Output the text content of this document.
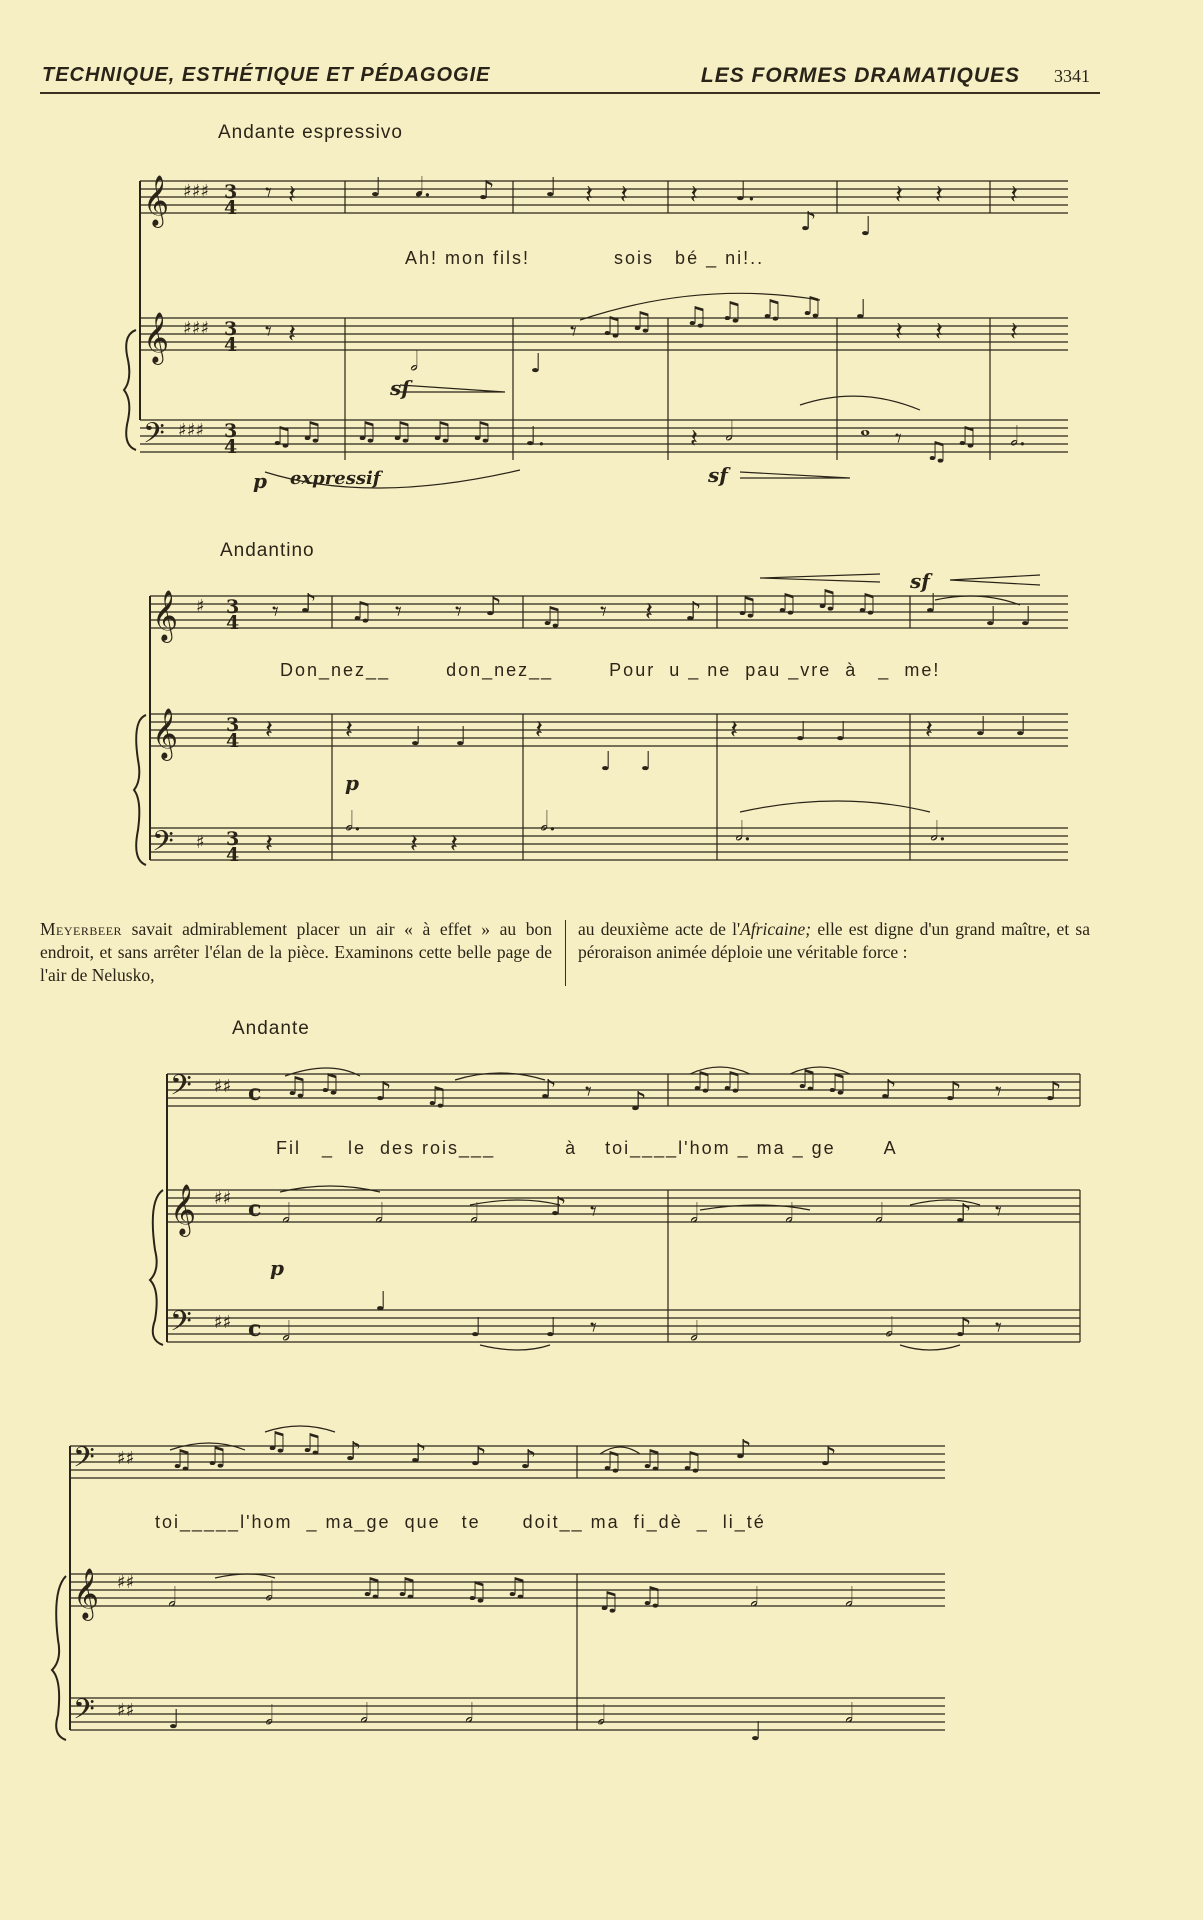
TECHNIQUE, ESTHÉTIQUE ET PÉDAGOGIE	LES FORMES DRAMATIQUES 3341
Andante espressivo
Ah! mon fils!            sois   bé _ ni!..
Andantino
Don_nez__        don_nez__        Pour  u _ ne  pau _vre  à   _  me!
Andante
Fil   _  le  des rois___          à    toi____l'hom _ ma _ ge       A
toi_____l'hom  _ ma_ge  que   te      doit__ ma  fi_dè  _  li_té
Meyerbeer savait admirablement placer un air « à effet » au bon endroit, et sans arrêter l'élan de la pièce. Examinons cette belle page de l'air de Nelusko,
au deuxième acte de l'Africaine; elle est digne d'un grand maître, et sa péroraison animée déploie une véritable force :
𝄞
𝄞
𝄢
♯♯♯
♯♯♯
♯♯♯
3
4
3
4
3
4
𝄾 𝄽	♩ 𝅘𝅥. ♪ ♩ 𝄽 𝄽 𝄽 ♩.
♪ ♩
𝄽 𝄽	𝄽
𝄾 𝄽
𝅗𝅥	♩
𝄾 ♫ ♫ ♫ ♫ ♫ ♫ ♩
𝄽 𝄽	𝄽
♫ ♫ ♫ ♫ ♫ ♫ ♩.	𝄽 𝅗𝅥	𝅝 𝄾 ♫ ♫ 𝅗𝅥.
sf
p expressif	sf
𝄞
𝄞
𝄢
♯
♯
3
4
3
4
3
4
𝄾 ♪ ♫ 𝄾 𝄾 ♪ ♫ 𝄾 𝄽 ♪ ♫ ♫ ♫ ♫ ♩ ♩ ♩
𝄽	𝄽 ♩ ♩	𝄽
♩ ♩
𝄽 ♩ ♩	𝄽 ♩ ♩
𝄽
𝅗𝅥.
𝄽 𝄽
𝅗𝅥.	𝅗𝅥.	𝅗𝅥.
p
sf
𝄢
𝄞
𝄢
♯♯
♯♯
♯♯
c
c
c
♫ ♫ ♪ ♫	♪ 𝄾 ♪
♫ ♫ ♫ ♫ ♪ ♪ 𝄾 ♪
𝅗𝅥	𝅗𝅥	𝅗𝅥	♪ 𝄾	𝅗𝅥	𝅗𝅥	𝅗𝅥	♪ 𝄾
𝅗𝅥
♩
♩ ♩ 𝄾	𝅗𝅥	𝅗𝅥 ♪ 𝄾
p
𝄢
𝄞
𝄢
♯♯
♯♯
♯♯
♫ ♫ ♫ ♫ ♪ ♪ ♪ ♪ ♫ ♫ ♫ ♪	♪
𝅗𝅥	𝅗𝅥	♫ ♫ ♫ ♫	♫ ♫	𝅗𝅥	𝅗𝅥
♩	𝅗𝅥	𝅗𝅥	𝅗𝅥	𝅗𝅥
♩
𝅗𝅥
